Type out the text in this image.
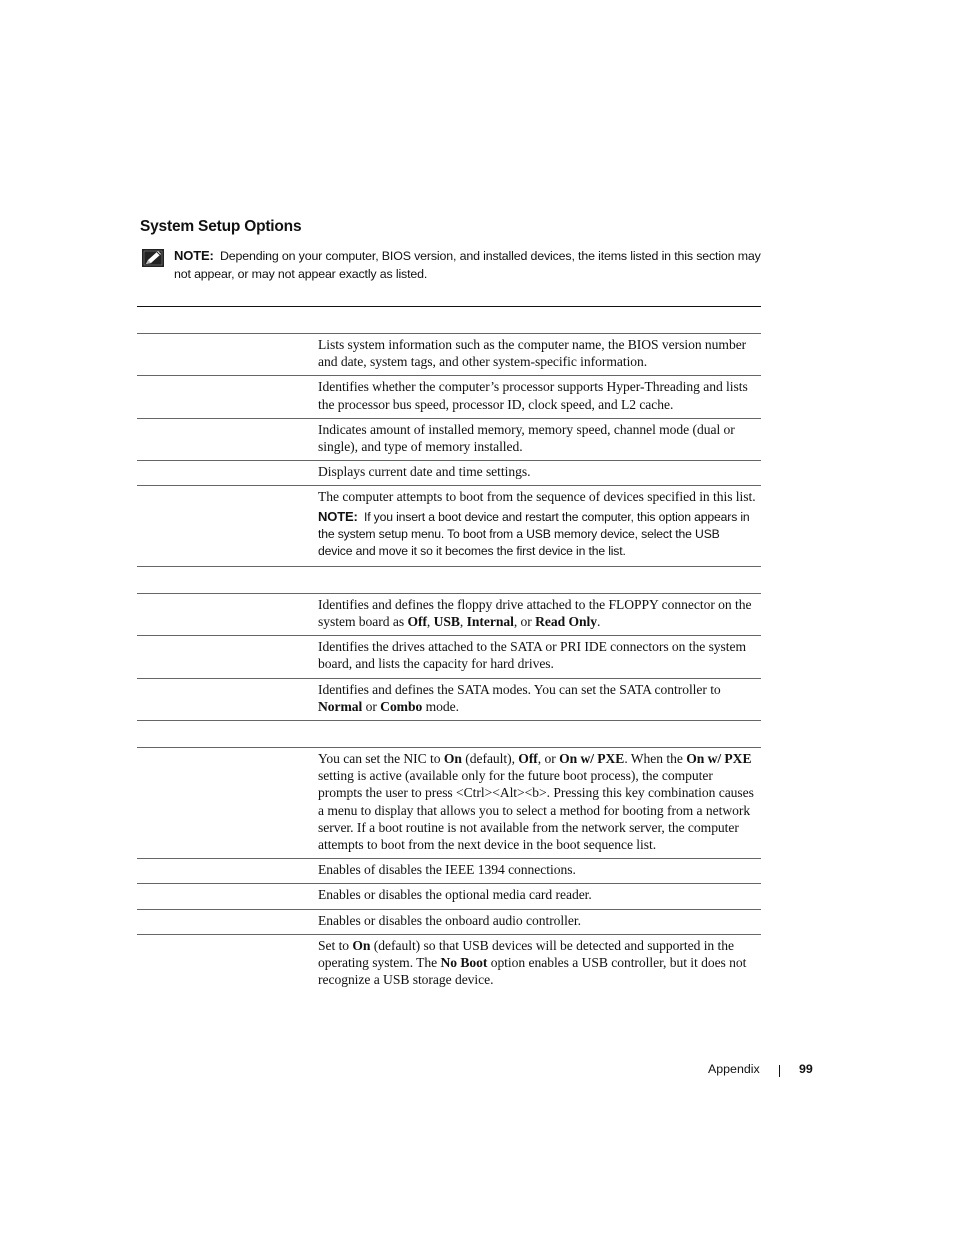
System Setup Options
NOTE: Depending on your computer, BIOS version, and installed devices, the items listed in this section may not appear, or may not appear exactly as listed.
Lists system information such as the computer name, the BIOS version number and date, system tags, and other system-specific information.
Identifies whether the computer’s processor supports Hyper-Threading and lists the processor bus speed, processor ID, clock speed, and L2 cache.
Indicates amount of installed memory, memory speed, channel mode (dual or single), and type of memory installed.
Displays current date and time settings.
The computer attempts to boot from the sequence of devices specified in this list.
NOTE: If you insert a boot device and restart the computer, this option appears in the system setup menu. To boot from a USB memory device, select the USB device and move it so it becomes the first device in the list.
Identifies and defines the floppy drive attached to the FLOPPY connector on the system board as Off, USB, Internal, or Read Only.
Identifies the drives attached to the SATA or PRI IDE connectors on the system board, and lists the capacity for hard drives.
Identifies and defines the SATA modes. You can set the SATA controller to Normal or Combo mode.
You can set the NIC to On (default), Off, or On w/ PXE. When the On w/ PXE setting is active (available only for the future boot process), the computer prompts the user to press <Ctrl><Alt><b>. Pressing this key combination causes a menu to display that allows you to select a method for booting from a network server. If a boot routine is not available from the network server, the computer attempts to boot from the next device in the boot sequence list.
Enables of disables the IEEE 1394 connections.
Enables or disables the optional media card reader.
Enables or disables the onboard audio controller.
Set to On (default) so that USB devices will be detected and supported in the operating system. The No Boot option enables a USB controller, but it does not recognize a USB storage device.
Appendix	99
